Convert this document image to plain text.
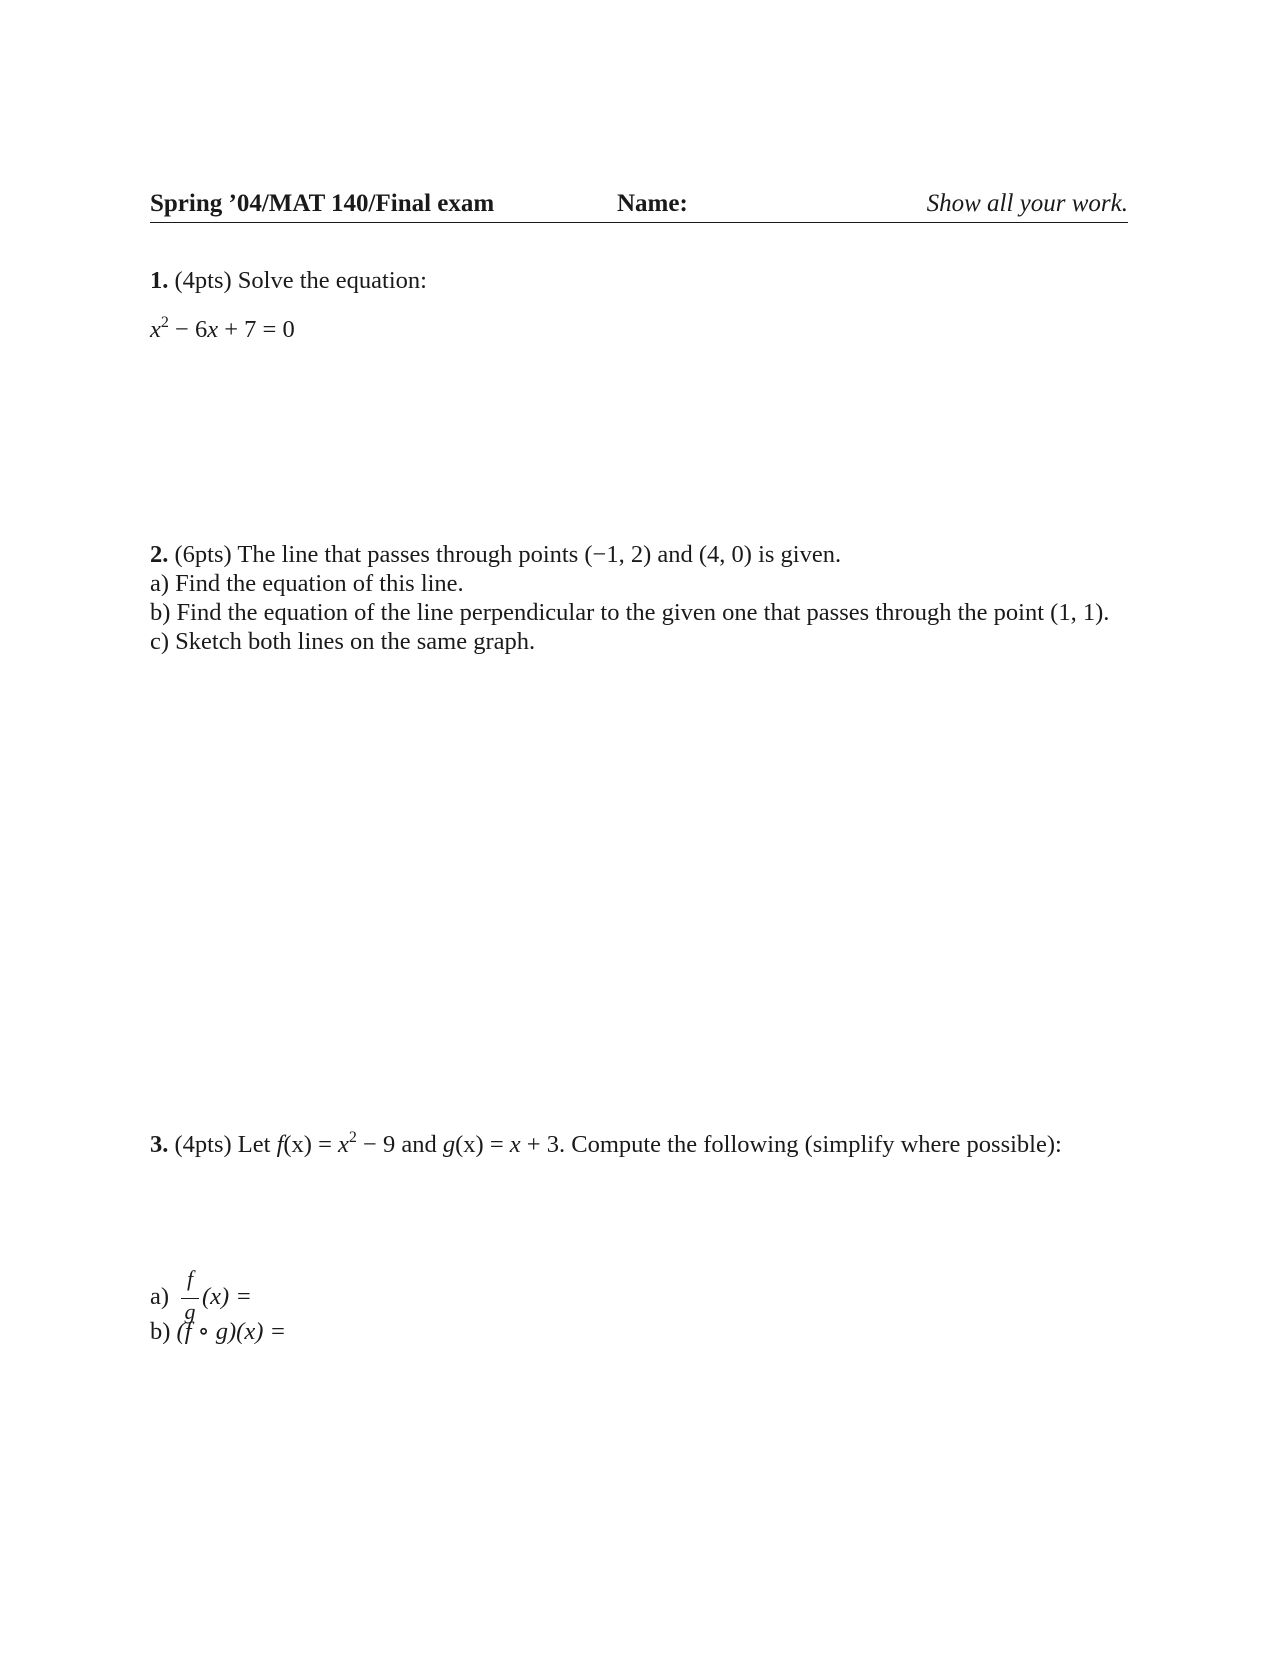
Spring ’04/MAT 140/Final exam	Name:	Show all your work.
1. (4pts) Solve the equation:
$x^2 - 6x + 7 = 0$
2. (6pts) The line that passes through points (−1, 2) and (4, 0) is given.
a) Find the equation of this line.
b) Find the equation of the line perpendicular to the given one that passes through the point (1, 1).
c) Sketch both lines on the same graph.
3. (4pts) Let $f(x) = x^2 - 9$ and g(x) = x + 3. Compute the following (simplify where possible):
a)
f
g
(x) =
b) (f ∘ g)(x) =
